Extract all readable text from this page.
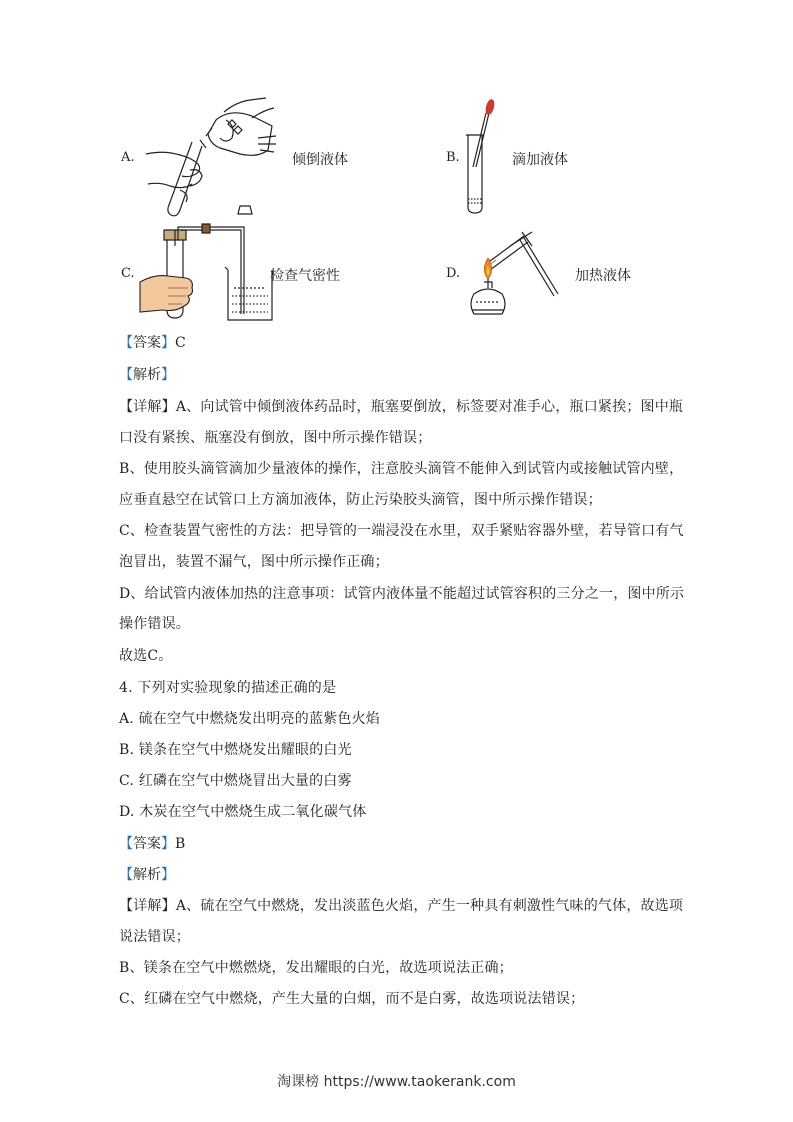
A.	倾倒液体	B.	滴加液体
C.	检查气密性	D.	加热液体
【答案】C
【解析】
【详解】A、向试管中倾倒液体药品时，瓶塞要倒放，标签要对准手心，瓶口紧挨；图中瓶
口没有紧挨、瓶塞没有倒放，图中所示操作错误；
B、使用胶头滴管滴加少量液体的操作，注意胶头滴管不能伸入到试管内或接触试管内壁，
应垂直悬空在试管口上方滴加液体，防止污染胶头滴管，图中所示操作错误；
C、检查装置气密性的方法：把导管的一端浸没在水里，双手紧贴容器外壁，若导管口有气
泡冒出，装置不漏气，图中所示操作正确；
D、给试管内液体加热的注意事项：试管内液体量不能超过试管容积的三分之一，图中所示
操作错误。
故选C。
4. 下列对实验现象的描述正确的是
A. 硫在空气中燃烧发出明亮的蓝紫色火焰
B. 镁条在空气中燃烧发出耀眼的白光
C. 红磷在空气中燃烧冒出大量的白雾
D. 木炭在空气中燃烧生成二氧化碳气体
【答案】B
【解析】
【详解】A、硫在空气中燃烧，发出淡蓝色火焰，产生一种具有刺激性气味的气体，故选项
说法错误；
B、镁条在空气中燃燃烧，发出耀眼的白光，故选项说法正确；
C、红磷在空气中燃烧，产生大量的白烟，而不是白雾，故选项说法错误；
淘课榜 https://www.taokerank.com
